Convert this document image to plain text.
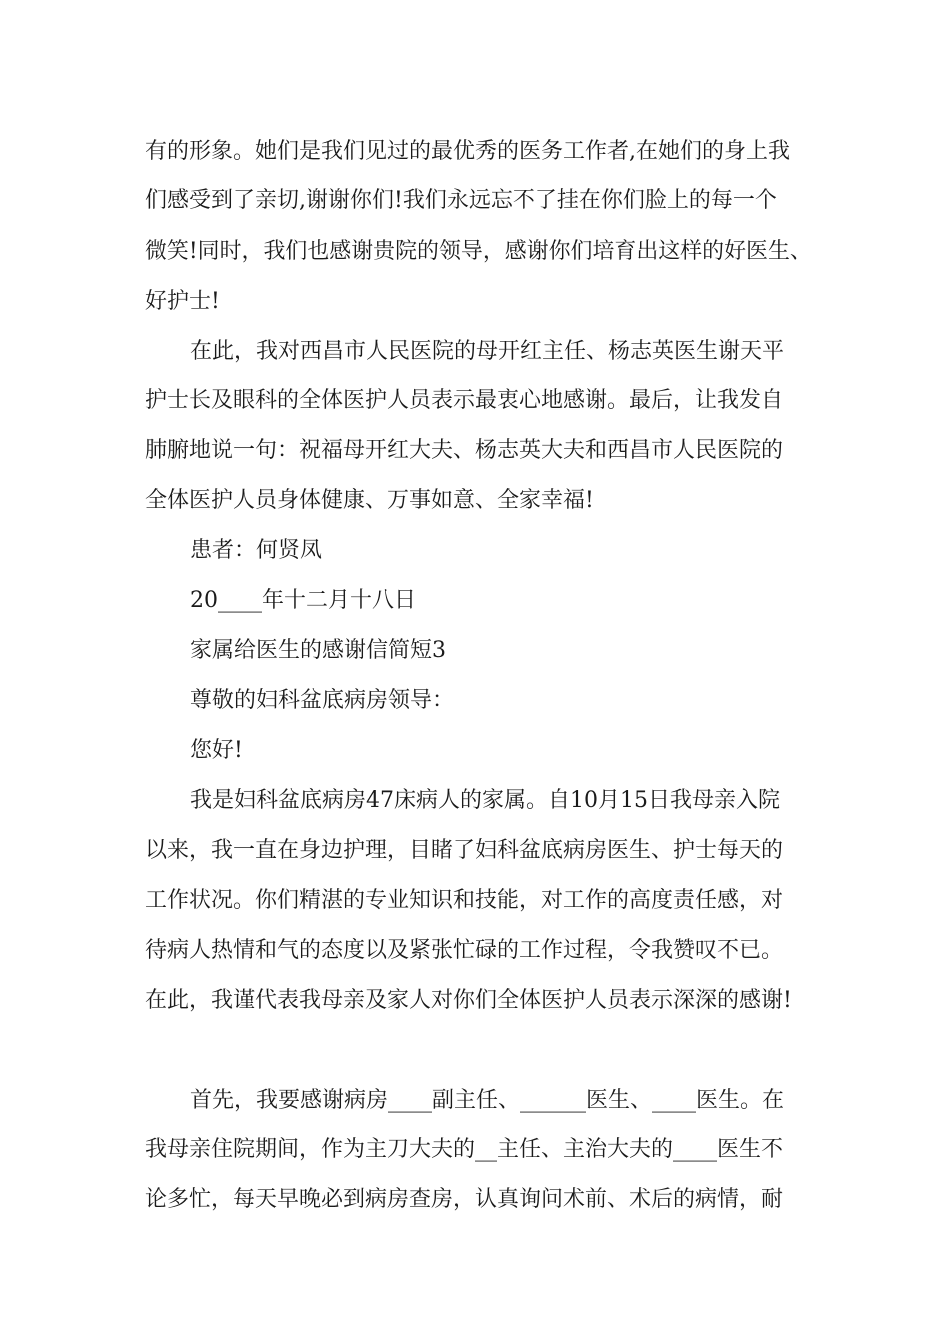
有的形象。她们是我们见过的最优秀的医务工作者,在她们的身上我
们感受到了亲切,谢谢你们!我们永远忘不了挂在你们脸上的每一个
微笑!同时，我们也感谢贵院的领导，感谢你们培育出这样的好医生、
好护士!
在此，我对西昌市人民医院的母开红主任、杨志英医生谢天平
护士长及眼科的全体医护人员表示最衷心地感谢。最后，让我发自
肺腑地说一句：祝福母开红大夫、杨志英大夫和西昌市人民医院的
全体医护人员身体健康、万事如意、全家幸福!
患者：何贤凤
20____年十二月十八日
家属给医生的感谢信简短3
尊敬的妇科盆底病房领导：
您好!
我是妇科盆底病房47床病人的家属。自10月15日我母亲入院
以来，我一直在身边护理，目睹了妇科盆底病房医生、护士每天的
工作状况。你们精湛的专业知识和技能，对工作的高度责任感，对
待病人热情和气的态度以及紧张忙碌的工作过程，令我赞叹不已。
在此，我谨代表我母亲及家人对你们全体医护人员表示深深的感谢!
首先，我要感谢病房____副主任、______医生、____医生。在
我母亲住院期间，作为主刀大夫的__主任、主治大夫的____医生不
论多忙，每天早晚必到病房查房，认真询问术前、术后的病情，耐
